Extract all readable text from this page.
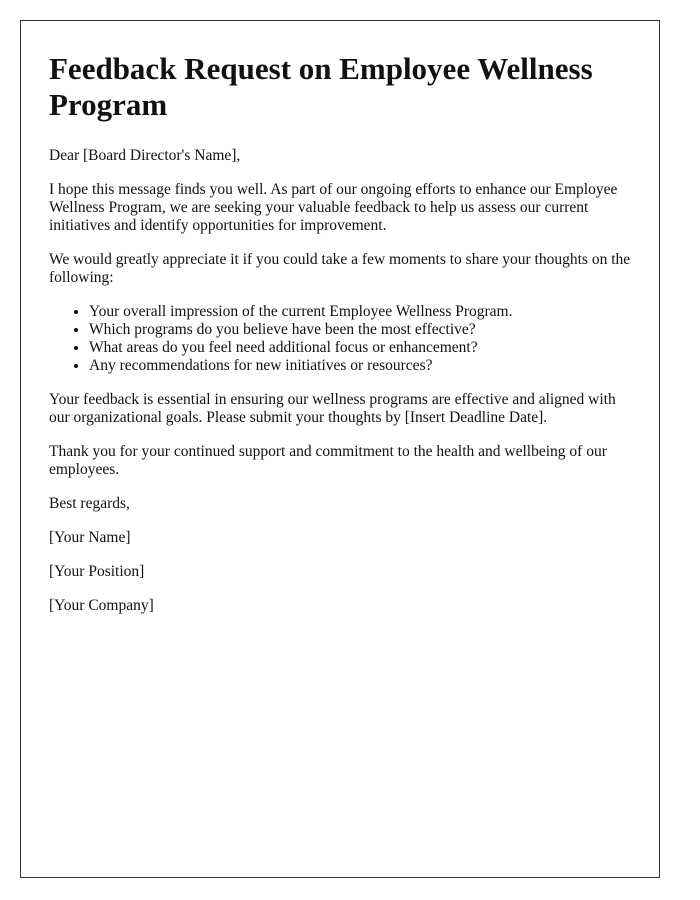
Feedback Request on Employee Wellness Program

Dear [Board Director's Name],

I hope this message finds you well. As part of our ongoing efforts to enhance our Employee Wellness Program, we are seeking your valuable feedback to help us assess our current initiatives and identify opportunities for improvement.

We would greatly appreciate it if you could take a few moments to share your thoughts on the following:

• Your overall impression of the current Employee Wellness Program.
• Which programs do you believe have been the most effective?
• What areas do you feel need additional focus or enhancement?
• Any recommendations for new initiatives or resources?

Your feedback is essential in ensuring our wellness programs are effective and aligned with our organizational goals. Please submit your thoughts by [Insert Deadline Date].

Thank you for your continued support and commitment to the health and wellbeing of our employees.

Best regards,

[Your Name]

[Your Position]

[Your Company]
